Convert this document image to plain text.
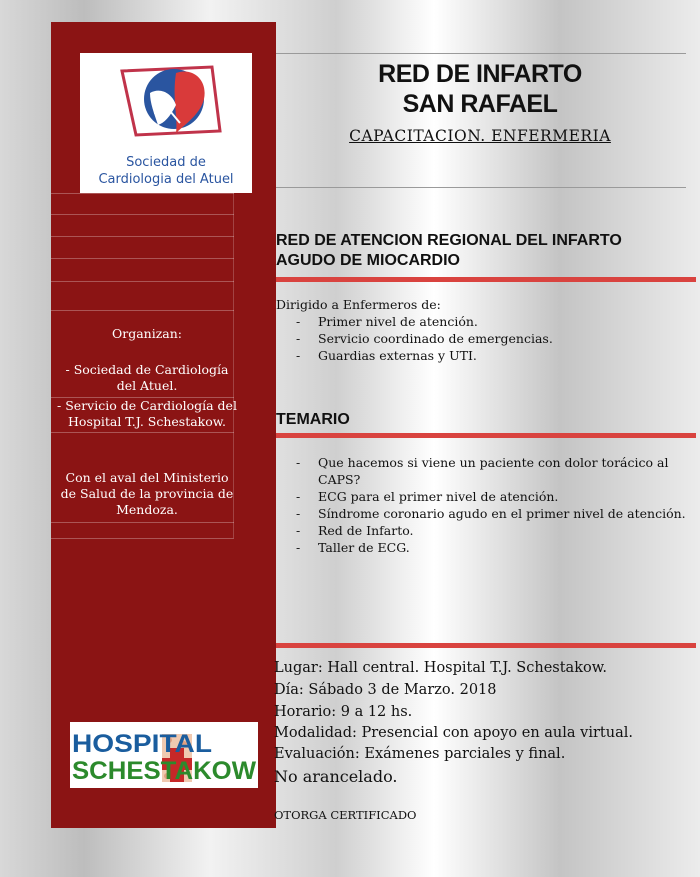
Sociedad de
Cardiologia del Atuel
Organizan:
- Sociedad de Cardiología del Atuel.
- Servicio de Cardiología del Hospital T.J. Schestakow.
Con el aval del Ministerio de Salud de la provincia de Mendoza.
HOSPITAL
SCHESTAKOW
RED DE INFARTO
SAN RAFAEL
CAPACITACION. ENFERMERIA
RED DE ATENCION REGIONAL DEL INFARTO AGUDO DE MIOCARDIO
Dirigido a Enfermeros de:
- Primer nivel de atención.
- Servicio coordinado de emergencias.
- Guardias externas y UTI.
TEMARIO
- Que hacemos si viene un paciente con dolor torácico al CAPS?
- ECG para el primer nivel de atención.
- Síndrome coronario agudo en el primer nivel de atención.
- Red de Infarto.
- Taller de ECG.
Lugar: Hall central. Hospital T.J. Schestakow.
Día: Sábado 3 de Marzo. 2018
Horario: 9 a 12 hs.
Modalidad: Presencial con apoyo en aula virtual.
Evaluación: Exámenes parciales y final.
No arancelado.
OTORGA CERTIFICADO
